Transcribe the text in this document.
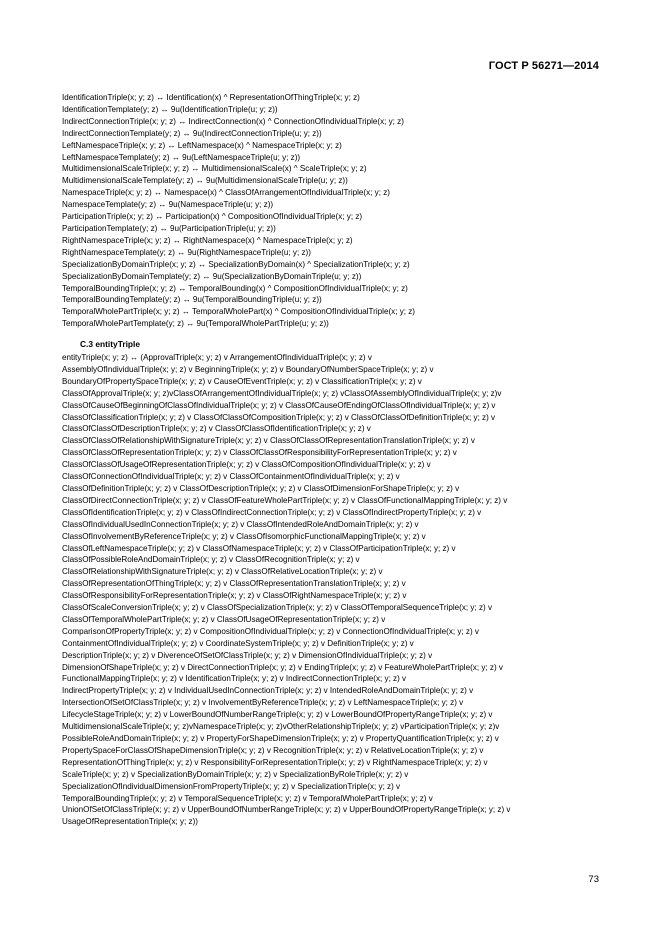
ГОСТ Р 56271—2014
IdentificationTriple(x; y; z) ↔ Identification(x) ^ RepresentationOfThingTriple(x; y; z)
IdentificationTemplate(y; z) ↔ 9u(IdentificationTriple(u; y; z))
IndirectConnectionTriple(x; y; z) ↔ IndirectConnection(x) ^ ConnectionOfIndividualTriple(x; y; z)
IndirectConnectionTemplate(y; z) ↔ 9u(IndirectConnectionTriple(u; y; z))
LeftNamespaceTriple(x; y; z) ↔ LeftNamespace(x) ^ NamespaceTriple(x; y; z)
LeftNamespaceTemplate(y; z) ↔ 9u(LeftNamespaceTriple(u; y; z))
MultidimensionalScaleTriple(x; y; z) ↔ MultidimensionalScale(x) ^ ScaleTriple(x; y; z)
MultidimensionalScaleTemplate(y; z) ↔ 9u(MultidimensionalScaleTriple(u; y; z))
NamespaceTriple(x; y; z) ↔ Namespace(x) ^ ClassOfArrangementOfIndividualTriple(x; y; z)
NamespaceTemplate(y; z) ↔ 9u(NamespaceTriple(u; y; z))
ParticipationTriple(x; y; z) ↔ Participation(x) ^ CompositionOfIndividualTriple(x; y; z)
ParticipationTemplate(y; z) ↔ 9u(ParticipationTriple(u; y; z))
RightNamespaceTriple(x; y; z) ↔ RightNamespace(x) ^ NamespaceTriple(x; y; z)
RightNamespaceTemplate(y; z) ↔ 9u(RightNamespaceTriple(u; y; z))
SpecializationByDomainTriple(x; y; z) ↔ SpecializationByDomain(x) ^ SpecializationTriple(x; y; z)
SpecializationByDomainTemplate(y; z) ↔ 9u(SpecializationByDomainTriple(u; y; z))
TemporalBoundingTriple(x; y; z) ↔ TemporalBounding(x) ^ CompositionOfIndividualTriple(x; y; z)
TemporalBoundingTemplate(y; z) ↔ 9u(TemporalBoundingTriple(u; y; z))
TemporalWholePartTriple(x; y; z) ↔ TemporalWholePart(x) ^ CompositionOfIndividualTriple(x; y; z)
TemporalWholePartTemplate(y; z) ↔ 9u(TemporalWholePartTriple(u; y; z))
C.3 entityTriple
entityTriple(x; y; z) ↔ (ApprovalTriple(x; y; z) v ArrangementOfIndividualTriple(x; y; z) v
AssemblyOfIndividualTriple(x; y; z) v BeginningTriple(x; y; z) v BoundaryOfNumberSpaceTriple(x; y; z) v
BoundaryOfPropertySpaceTriple(x; y; z) v CauseOfEventTriple(x; y; z) v ClassificationTriple(x; y; z) v
ClassOfApprovalTriple(x; y; z)vClassOfArrangementOfIndividualTriple(x; y; z) vClassOfAssemblyOfIndividualTriple(x; y; z)v
ClassOfCauseOfBeginningOfClassOfIndividualTriple(x; y; z) v ClassOfCauseOfEndingOfClassOfIndividualTriple(x; y; z) v
ClassOfClassificationTriple(x; y; z) v ClassOfClassOfCompositionTriple(x; y; z) v ClassOfClassOfDefinitionTriple(x; y; z) v
ClassOfClassOfDescriptionTriple(x; y; z) v ClassOfClassOfIdentificationTriple(x; y; z) v
ClassOfClassOfRelationshipWithSignatureTriple(x; y; z) v ClassOfClassOfRepresentationTranslationTriple(x; y; z) v
ClassOfClassOfRepresentationTriple(x; y; z) v ClassOfClassOfResponsibilityForRepresentationTriple(x; y; z) v
ClassOfClassOfUsageOfRepresentationTriple(x; y; z) v ClassOfCompositionOfIndividualTriple(x; y; z) v
ClassOfConnectionOfIndividualTriple(x; y; z) v ClassOfContainmentOfIndividualTriple(x; y; z) v
ClassOfDefinitionTriple(x; y; z) v ClassOfDescriptionTriple(x; y; z) v ClassOfDimensionForShapeTriple(x; y; z) v
ClassOfDirectConnectionTriple(x; y; z) v ClassOfFeatureWholePartTriple(x; y; z) v ClassOfFunctionalMappingTriple(x; y; z) v
ClassOfIdentificationTriple(x; y; z) v ClassOfIndirectConnectionTriple(x; y; z) v ClassOfIndirectPropertyTriple(x; y; z) v
ClassOfIndividualUsedInConnectionTriple(x; y; z) v ClassOfIntendedRoleAndDomainTriple(x; y; z) v
ClassOfInvolvementByReferenceTriple(x; y; z) v ClassOfIsomorphicFunctionalMappingTriple(x; y; z) v
ClassOfLeftNamespaceTriple(x; y; z) v ClassOfNamespaceTriple(x; y; z) v ClassOfParticipationTriple(x; y; z) v
ClassOfPossibleRoleAndDomainTriple(x; y; z) v ClassOfRecognitionTriple(x; y; z) v
ClassOfRelationshipWithSignatureTriple(x; y; z) v ClassOfRelativeLocationTriple(x; y; z) v
ClassOfRepresentationOfThingTriple(x; y; z) v ClassOfRepresentationTranslationTriple(x; y; z) v
ClassOfResponsibilityForRepresentationTriple(x; y; z) v ClassOfRightNamespaceTriple(x; y; z) v
ClassOfScaleConversionTriple(x; y; z) v ClassOfSpecializationTriple(x; y; z) v ClassOfTemporalSequenceTriple(x; y; z) v
ClassOfTemporalWholePartTriple(x; y; z) v ClassOfUsageOfRepresentationTriple(x; y; z) v
ComparisonOfPropertyTriple(x; y; z) v CompositionOfIndividualTriple(x; y; z) v ConnectionOfIndividualTriple(x; y; z) v
ContainmentOfIndividualTriple(x; y; z) v CoordinateSystemTriple(x; y; z) v DefinitionTriple(x; y; z) v
DescriptionTriple(x; y; z) v DiverenceOfSetOfClassTriple(x; y; z) v DimensionOfIndividualTriple(x; y; z) v
DimensionOfShapeTriple(x; y; z) v DirectConnectionTriple(x; y; z) v EndingTriple(x; y; z) v FeatureWholePartTriple(x; y; z) v
FunctionalMappingTriple(x; y; z) v IdentificationTriple(x; y; z) v IndirectConnectionTriple(x; y; z) v
IndirectPropertyTriple(x; y; z) v IndividualUsedInConnectionTriple(x; y; z) v IntendedRoleAndDomainTriple(x; y; z) v
IntersectionOfSetOfClassTriple(x; y; z) v InvolvementByReferenceTriple(x; y; z) v LeftNamespaceTriple(x; y; z) v
LifecycleStageTriple(x; y; z) v LowerBoundOfNumberRangeTriple(x; y; z) v LowerBoundOfPropertyRangeTriple(x; y; z) v
MultidimensionalScaleTriple(x; y; z)vNamespaceTriple(x; y; z)vOtherRelationshipTriple(x; y; z) vParticipationTriple(x; y; z)v
PossibleRoleAndDomainTriple(x; y; z) v PropertyForShapeDimensionTriple(x; y; z) v PropertyQuantificationTriple(x; y; z) v
PropertySpaceForClassOfShapeDimensionTriple(x; y; z) v RecognitionTriple(x; y; z) v RelativeLocationTriple(x; y; z) v
RepresentationOfThingTriple(x; y; z) v ResponsibilityForRepresentationTriple(x; y; z) v RightNamespaceTriple(x; y; z) v
ScaleTriple(x; y; z) v SpecializationByDomainTriple(x; y; z) v SpecializationByRoleTriple(x; y; z) v
SpecializationOfIndividualDimensionFromPropertyTriple(x; y; z) v SpecializationTriple(x; y; z) v
TemporalBoundingTriple(x; y; z) v TemporalSequenceTriple(x; y; z) v TemporalWholePartTriple(x; y; z) v
UnionOfSetOfClassTriple(x; y; z) v UpperBoundOfNumberRangeTriple(x; y; z) v UpperBoundOfPropertyRangeTriple(x; y; z) v
UsageOfRepresentationTriple(x; y; z))
73
